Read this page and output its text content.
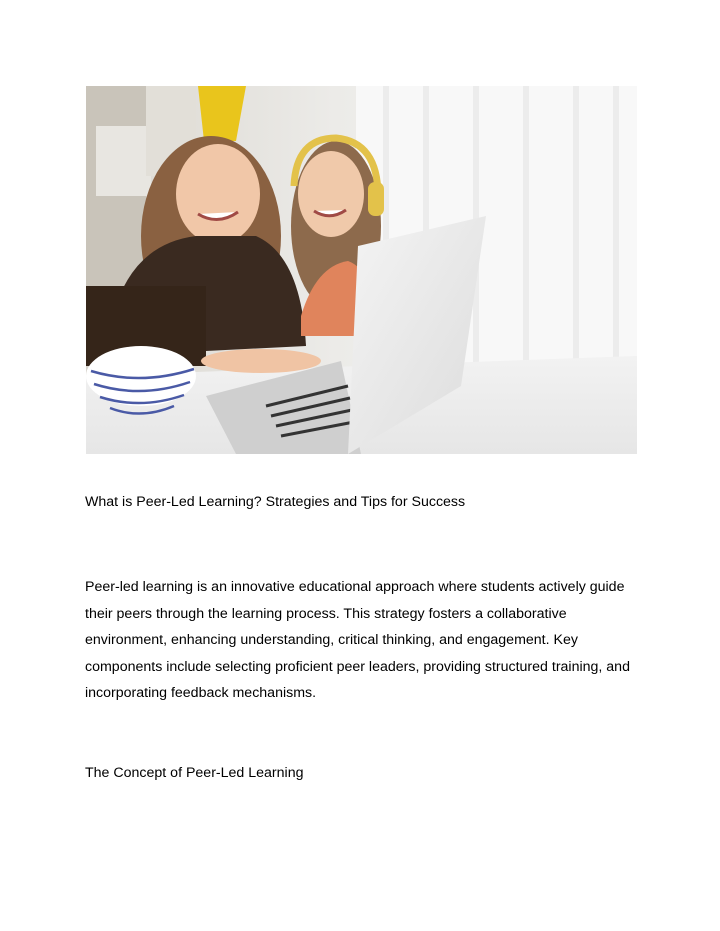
What is Peer-Led Learning? Strategies and Tips for Success

Peer-led learning is an innovative educational approach where students actively guide
their peers through the learning process. This strategy fosters a collaborative
environment, enhancing understanding, critical thinking, and engagement. Key
components include selecting proficient peer leaders, providing structured training, and
incorporating feedback mechanisms.

The Concept of Peer-Led Learning
